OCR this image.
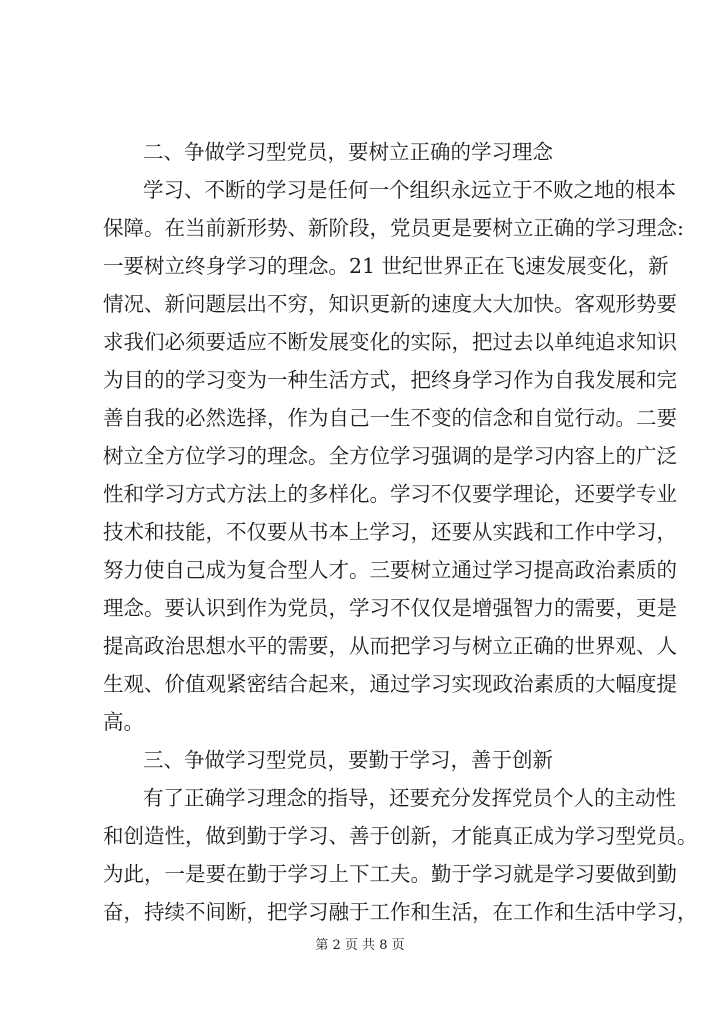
二、争做学习型党员，要树立正确的学习理念
学习、不断的学习是任何一个组织永远立于不败之地的根本
保障。在当前新形势、新阶段，党员更是要树立正确的学习理念:
一要树立终身学习的理念。21 世纪世界正在飞速发展变化，新
情况、新问题层出不穷，知识更新的速度大大加快。客观形势要
求我们必须要适应不断发展变化的实际，把过去以单纯追求知识
为目的的学习变为一种生活方式，把终身学习作为自我发展和完
善自我的必然选择，作为自己一生不变的信念和自觉行动。二要
树立全方位学习的理念。全方位学习强调的是学习内容上的广泛
性和学习方式方法上的多样化。学习不仅要学理论，还要学专业
技术和技能，不仅要从书本上学习，还要从实践和工作中学习，
努力使自己成为复合型人才。三要树立通过学习提高政治素质的
理念。要认识到作为党员，学习不仅仅是增强智力的需要，更是
提高政治思想水平的需要，从而把学习与树立正确的世界观、人
生观、价值观紧密结合起来，通过学习实现政治素质的大幅度提
高。
三、争做学习型党员，要勤于学习，善于创新
有了正确学习理念的指导，还要充分发挥党员个人的主动性
和创造性，做到勤于学习、善于创新，才能真正成为学习型党员。
为此，一是要在勤于学习上下工夫。勤于学习就是学习要做到勤
奋，持续不间断，把学习融于工作和生活，在工作和生活中学习，
第 2 页 共 8 页
